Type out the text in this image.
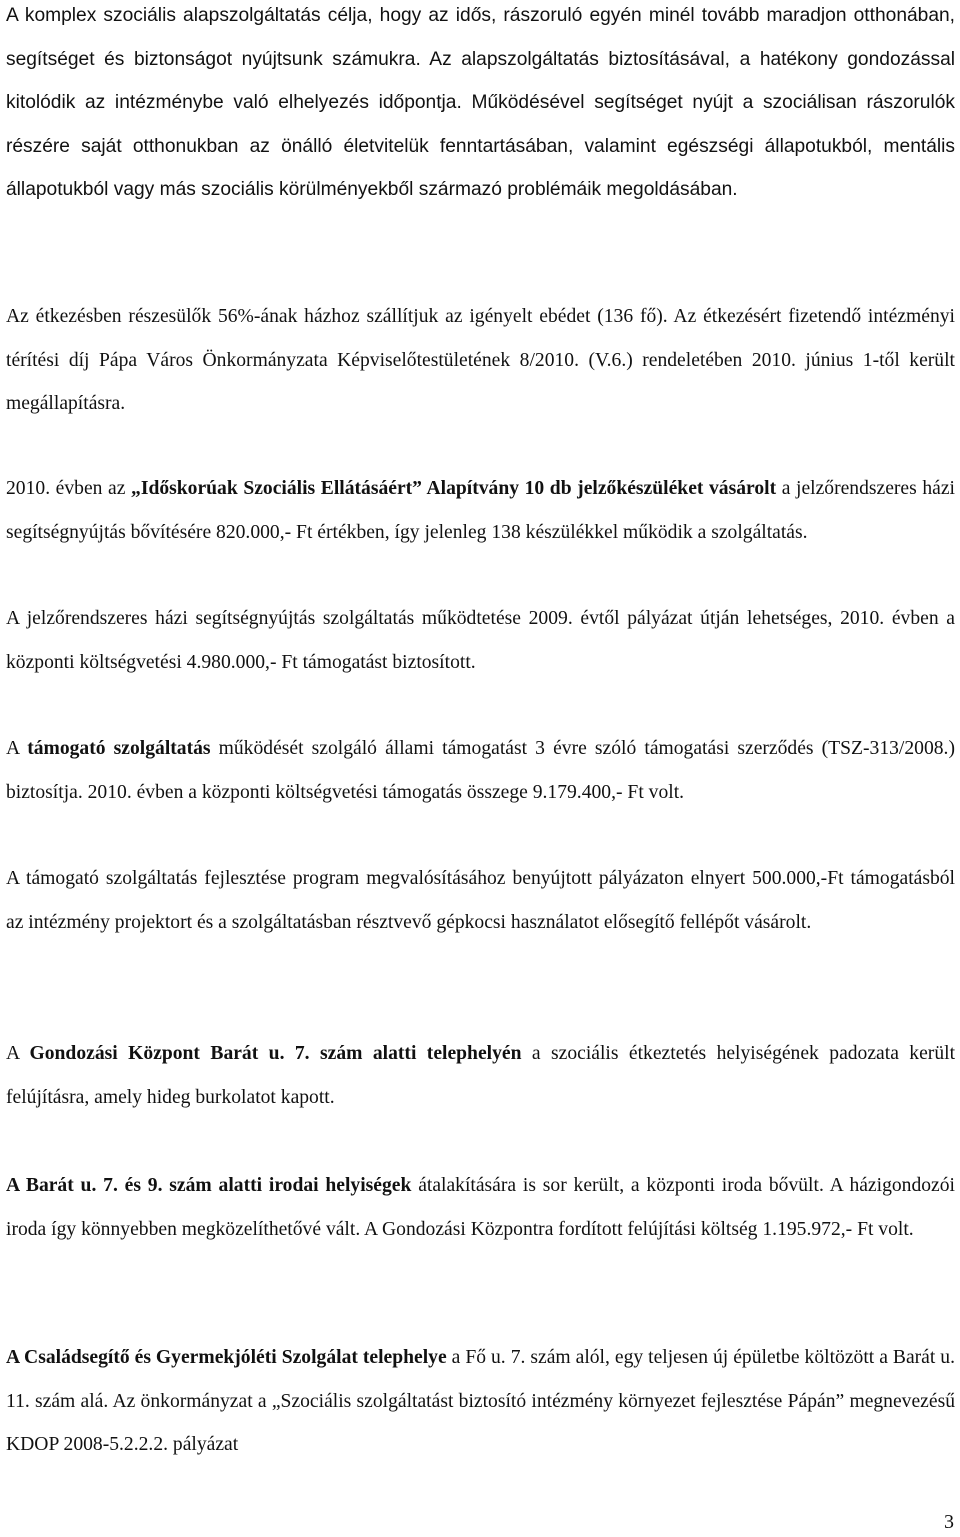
A komplex szociális alapszolgáltatás célja, hogy az idős, rászoruló egyén minél tovább maradjon otthonában, segítséget és biztonságot nyújtsunk számukra. Az alapszolgáltatás biztosításával, a hatékony gondozással kitolódik az intézménybe való elhelyezés időpontja. Működésével segítséget nyújt a szociálisan rászorulók részére saját otthonukban az önálló életvitelük fenntartásában, valamint egészségi állapotukból, mentális állapotukból vagy más szociális körülményekből származó problémáik megoldásában.

Az étkezésben részesülők 56%-ának házhoz szállítjuk az igényelt ebédet (136 fő). Az étkezésért fizetendő intézményi térítési díj Pápa Város Önkormányzata Képviselőtestületének 8/2010. (V.6.) rendeletében 2010. június 1-től került megállapításra.

2010. évben az „Időskorúak Szociális Ellátásáért” Alapítvány 10 db jelzőkészüléket vásárolt a jelzőrendszeres házi segítségnyújtás bővítésére 820.000,- Ft értékben, így jelenleg 138 készülékkel működik a szolgáltatás.

A jelzőrendszeres házi segítségnyújtás szolgáltatás működtetése 2009. évtől pályázat útján lehetséges, 2010. évben a központi költségvetési 4.980.000,- Ft támogatást biztosított.

A támogató szolgáltatás működését szolgáló állami támogatást 3 évre szóló támogatási szerződés (TSZ-313/2008.) biztosítja. 2010. évben a központi költségvetési támogatás összege 9.179.400,- Ft volt.

A támogató szolgáltatás fejlesztése program megvalósításához benyújtott pályázaton elnyert 500.000,-Ft támogatásból az intézmény projektort és a szolgáltatásban résztvevő gépkocsi használatot elősegítő fellépőt vásárolt.

A Gondozási Központ Barát u. 7. szám alatti telephelyén a szociális étkeztetés helyiségének padozata került felújításra, amely hideg burkolatot kapott.

A Barát u. 7. és 9. szám alatti irodai helyiségek átalakítására is sor került, a központi iroda bővült. A házigondozói iroda így könnyebben megközelíthetővé vált. A Gondozási Központra fordított felújítási költség 1.195.972,- Ft volt.

A Családsegítő és Gyermekjóléti Szolgálat telephelye a Fő u. 7. szám alól, egy teljesen új épületbe költözött a Barát u. 11. szám alá. Az önkormányzat a „Szociális szolgáltatást biztosító intézmény környezet fejlesztése Pápán” megnevezésű KDOP 2008-5.2.2.2. pályázat

3
